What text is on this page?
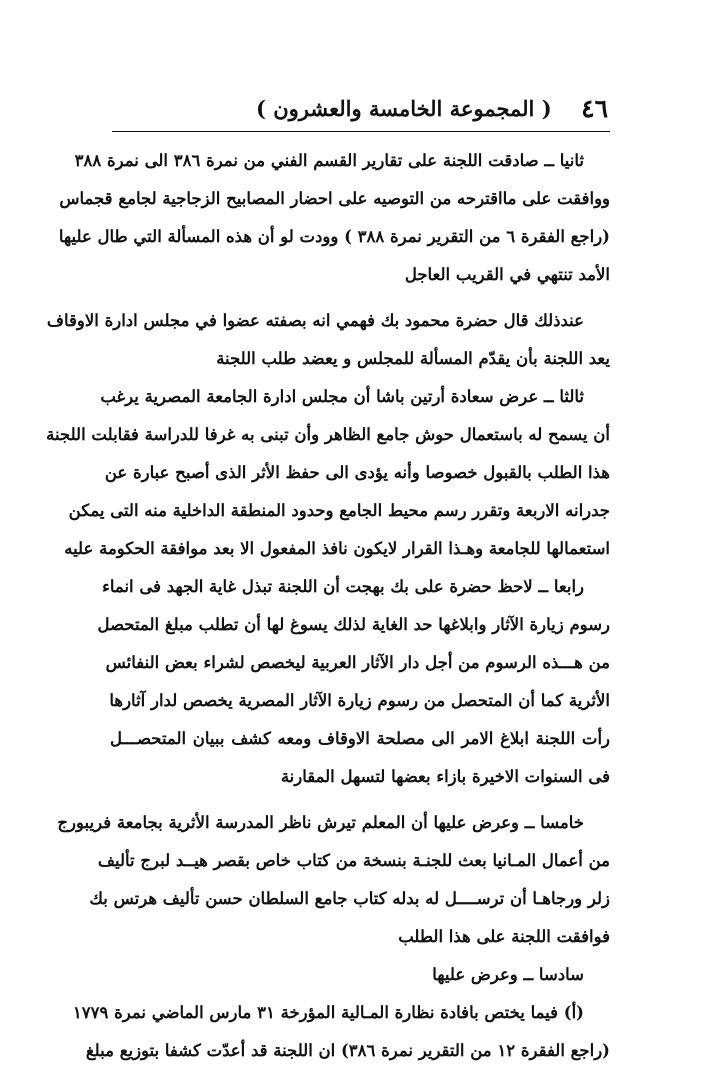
( المجموعة الخامسة والعشرون ) ٤٦
ثانيا ــ صادقت اللجنة على تقارير القسم الفني من نمرة ٣٨٦ الى نمرة ٣٨٨
ووافقت على مااقترحه من التوصيه على احضار المصابيح الزجاجية لجامع قجماس
(راجع الفقرة ٦ من التقرير نمرة ٣٨٨ ) وودت لو أن هذه المسألة التي طال عليها
الأمد تنتهي في القريب العاجل
عندذلك قال حضرة محمود بك فهمي انه بصفته عضوا في مجلس ادارة الاوقاف
يعد اللجنة بأن يقدّم المسألة للمجلس و يعضد طلب اللجنة
ثالثا ــ عرض سعادة أرتين باشا أن مجلس ادارة الجامعة المصرية يرغب
أن يسمح له باستعمال حوش جامع الظاهر وأن تبنى به غرفا للدراسة فقابلت اللجنة
هذا الطلب بالقبول خصوصا وأنه يؤدى الى حفظ الأثر الذى أصبح عبارة عن
جدرانه الاربعة وتقرر رسم محيط الجامع وحدود المنطقة الداخلية منه التى يمكن
استعمالها للجامعة وهـذا القرار لايكون نافذ المفعول الا بعد موافقة الحكومة عليه
رابعا ــ لاحظ حضرة على بك بهجت أن اللجنة تبذل غاية الجهد فى انماء
رسوم زيارة الآثار وابلاغها حد الغاية لذلك يسوغ لها أن تطلب مبلغ المتحصل
من هـــذه الرسوم من أجل دار الآثار العربية ليخصص لشراء بعض النفائس
الأثرية كما أن المتحصل من رسوم زيارة الآثار المصرية يخصص لدار آثارها
رأت اللجنة ابلاغ الامر الى مصلحة الاوقاف ومعه كشف ببيان المتحصـــل
فى السنوات الاخيرة بازاء بعضها لتسهل المقارنة
خامسا ــ وعرض عليها أن المعلم تيرش ناظر المدرسة الأثرية بجامعة فريبورج
من أعمال المـانيا بعث للجنـة بنسخة من كتاب خاص بقصر هيــد لبرج تأليف
زلر ورجاهـا أن ترســــل له بدله كتاب جامع السلطان حسن تأليف هرتس بك
فوافقت اللجنة على هذا الطلب
سادسا ــ وعرض عليها
(أ) فيما يختص بافادة نظارة المـالية المؤرخة ٣١ مارس الماضي نمرة ١٧٧٩
(راجع الفقرة ١٢ من التقرير نمرة ٣٨٦) ان اللجنة قد أعدّت كشفا بتوزيع مبلغ
